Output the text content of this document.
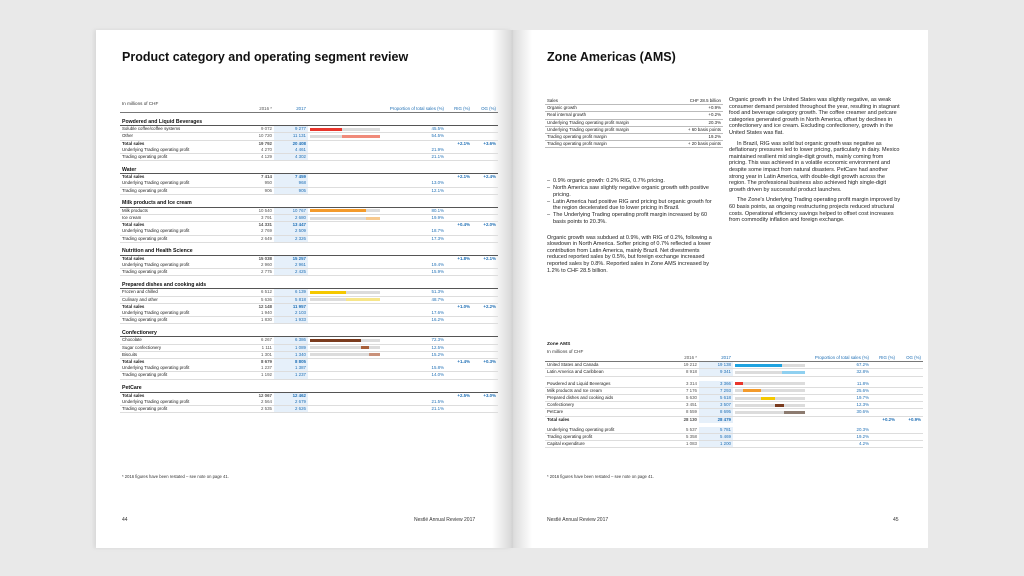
Product category and operating segment review
In millions of CHF
	2016 *	2017	Proportion of total sales (%)		RIG (%)	OG (%)
Powdered and Liquid Beverages						
Soluble coffee/coffee systems	9 072	9 277		45.5%		
Other	10 720	11 131		54.5%		
Total sales	19 792	20 408			+2.1%	+3.6%
Underlying Trading operating profit	4 270	4 461		21.9%		
Trading operating profit	4 129	4 302		21.1%		
Water						
Total sales	7 414	7 459			+2.1%	+2.4%
Underlying Trading operating profit	950	968		13.0%		
Trading operating profit	906	905		12.1%		
Milk products and Ice cream						
Milk products	10 540	10 767		80.1%		
Ice cream	3 791	2 680		19.9%		
Total sales	14 331	13 447			+0.4%	+2.0%
Underlying Trading operating profit	2 769	2 509		18.7%		
Trading operating profit	2 649	2 326		17.3%		
Nutrition and Health Science						
Total sales	15 038	15 257			+1.8%	+2.1%
Underlying Trading operating profit	2 960	2 961		19.4%		
Trading operating profit	2 775	2 425		15.9%		
Prepared dishes and cooking aids						
Frozen and chilled	6 512	6 139		51.3%		
Culinary and other	5 636	5 818		48.7%		
Total sales	12 148	11 957			+1.0%	+2.2%
Underlying Trading operating profit	1 940	2 103		17.6%		
Trading operating profit	1 830	1 933		16.2%		
Confectionery						
Chocolate	6 267	6 386		72.3%		
Sugar confectionery	1 111	1 089		12.5%		
Biscuits	1 301	1 340		15.2%		
Total sales	8 679	8 805			+1.4%	+0.3%
Underlying Trading operating profit	1 237	1 387		15.8%		
Trading operating profit	1 192	1 237		14.0%		
PetCare						
Total sales	12 067	12 462			+2.5%	+3.0%
Underlying Trading operating profit	2 564	2 679		21.5%		
Trading operating profit	2 535	2 626		21.1%		
* 2016 figures have been restated – see note on page 41.
44	Nestlé Annual Review 2017
Zone Americas (AMS)
Sales	CHF 28.5 billion
Organic growth	+0.9%
Real internal growth	+0.2%
Underlying Trading operating profit margin	20.3%
Underlying Trading operating profit margin	+ 60 basis points
Trading operating profit margin	19.2%
Trading operating profit margin	+ 20 basis points
– 0.9% organic growth: 0.2% RIG, 0.7% pricing.
– North America saw slightly negative organic growth with positive pricing.
– Latin America had positive RIG and pricing but organic growth for the region decelerated due to lower pricing in Brazil.
– The Underlying Trading operating profit margin increased by 60 basis points to 20.3%.

Organic growth was subdued at 0.9%, with RIG of 0.2%, following a slowdown in North America. Softer pricing of 0.7% reflected a lower contribution from Latin America, mainly Brazil. Net divestments reduced reported sales by 0.5%, but foreign exchange increased reported sales by 0.8%. Reported sales in Zone AMS increased by 1.2% to CHF 28.5 billion.

Organic growth in the United States was slightly negative, as weak consumer demand persisted throughout the year, resulting in stagnant food and beverage category growth. The coffee creamer and petcare categories generated growth in North America, offset by declines in confectionery and ice cream. Excluding confectionery, growth in the United States was flat.

In Brazil, RIG was solid but organic growth was negative as deflationary pressures led to lower pricing, particularly in dairy. Mexico maintained resilient mid single-digit growth, mainly coming from pricing. This was achieved in a volatile economic environment and despite some impact from natural disasters. PetCare had another strong year in Latin America, with double-digit growth across the region. The professional business also achieved high single-digit growth driven by successful product launches.

The Zone's Underlying Trading operating profit margin improved by 60 basis points, as ongoing restructuring projects reduced structural costs. Operational efficiency savings helped to offset cost increases from commodity inflation and foreign exchange.

Zone AMS
In millions of CHF
	2016 *	2017	Proportion of total sales (%)		RIG (%)	OG (%)
United States and Canada	19 212	19 138		67.2%		
Latin America and Caribbean	8 918	9 341		32.8%		

Powdered and Liquid Beverages	3 314	3 366		11.8%		
Milk products and Ice cream	7 176	7 293		25.6%		
Prepared dishes and cooking aids	5 630	5 618		19.7%		
Confectionery	3 451	3 507		12.3%		
PetCare	8 559	8 695		30.6%		
Total sales	28 130	28 479			+0.2%	+0.9%

Underlying Trading operating profit	5 537	5 781		20.3%		
Trading operating profit	5 358	5 469		19.2%		
Capital expenditure	1 083	1 200		4.2%		
* 2016 figures have been restated – see note on page 41.
Nestlé Annual Review 2017	45
